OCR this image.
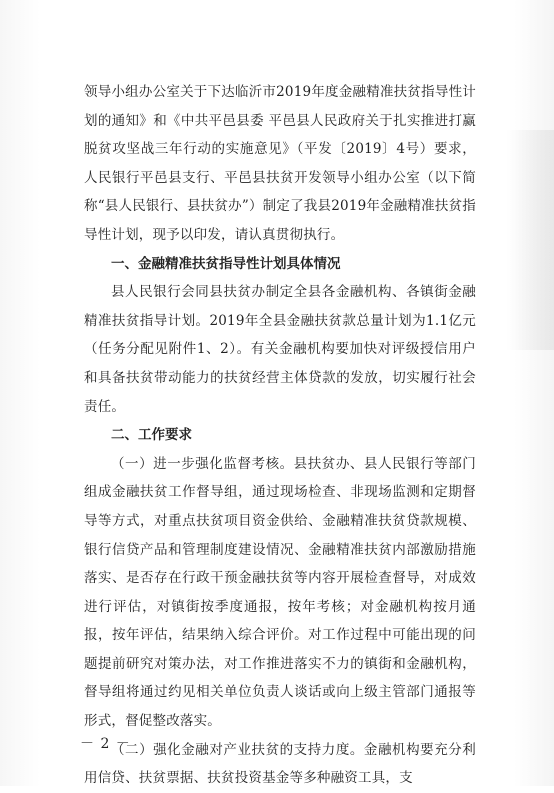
领导小组办公室关于下达临沂市2019年度金融精准扶贫指导性计划的通知》和《中共平邑县委 平邑县人民政府关于扎实推进打赢脱贫攻坚战三年行动的实施意见》（平发〔2019〕4号）要求，人民银行平邑县支行、平邑县扶贫开发领导小组办公室（以下简称“县人民银行、县扶贫办”）制定了我县2019年金融精准扶贫指导性计划，现予以印发，请认真贯彻执行。

一、金融精准扶贫指导性计划具体情况

县人民银行会同县扶贫办制定全县各金融机构、各镇街金融精准扶贫指导计划。2019年全县金融扶贫款总量计划为1.1亿元（任务分配见附件1、2）。有关金融机构要加快对评级授信用户和具备扶贫带动能力的扶贫经营主体贷款的发放，切实履行社会责任。

二、工作要求

（一）进一步强化监督考核。县扶贫办、县人民银行等部门组成金融扶贫工作督导组，通过现场检查、非现场监测和定期督导等方式，对重点扶贫项目资金供给、金融精准扶贫贷款规模、银行信贷产品和管理制度建设情况、金融精准扶贫内部激励措施落实、是否存在行政干预金融扶贫等内容开展检查督导，对成效进行评估，对镇街按季度通报，按年考核；对金融机构按月通报，按年评估，结果纳入综合评价。对工作过程中可能出现的问题提前研究对策办法，对工作推进落实不力的镇街和金融机构，督导组将通过约见相关单位负责人谈话或向上级主管部门通报等形式，督促整改落实。

（二）强化金融对产业扶贫的支持力度。金融机构要充分利用信贷、扶贫票据、扶贫投资基金等多种融资工具，支

－ 2 －
